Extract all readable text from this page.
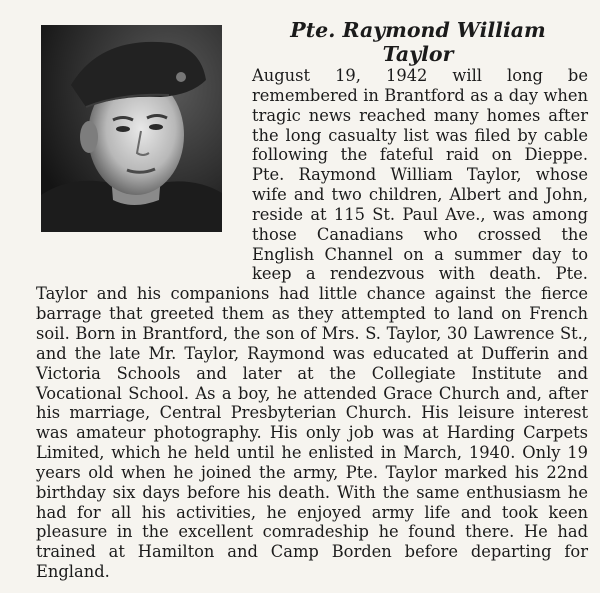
Pte. Raymond William
Taylor
August 19, 1942 will long be remembered in Brantford as a day when tragic news reached many homes after the long casualty list was filed by cable following the fateful raid on Dieppe. Pte. Raymond William Taylor, whose wife and two children, Albert and John, reside at 115 St. Paul Ave., was among those Canadians who crossed the English Channel on a summer day to keep a rendezvous with death. Pte. Taylor and his companions had little chance against the fierce barrage that greeted them as they attempted to land on French soil. Born in Brantford, the son of Mrs. S. Taylor, 30 Lawrence St., and the late Mr. Taylor, Raymond was educated at Dufferin and Victoria Schools and later at the Collegiate Institute and Vocational School. As a boy, he attended Grace Church and, after his marriage, Central Presbyterian Church. His leisure interest was amateur photography. His only job was at Harding Carpets Limited, which he held until he enlisted in March, 1940. Only 19 years old when he joined the army, Pte. Taylor marked his 22nd birthday six days before his death. With the same enthusiasm he had for all his activities, he enjoyed army life and took keen pleasure in the excellent comradeship he found there. He had trained at Hamilton and Camp Borden before departing for England.
